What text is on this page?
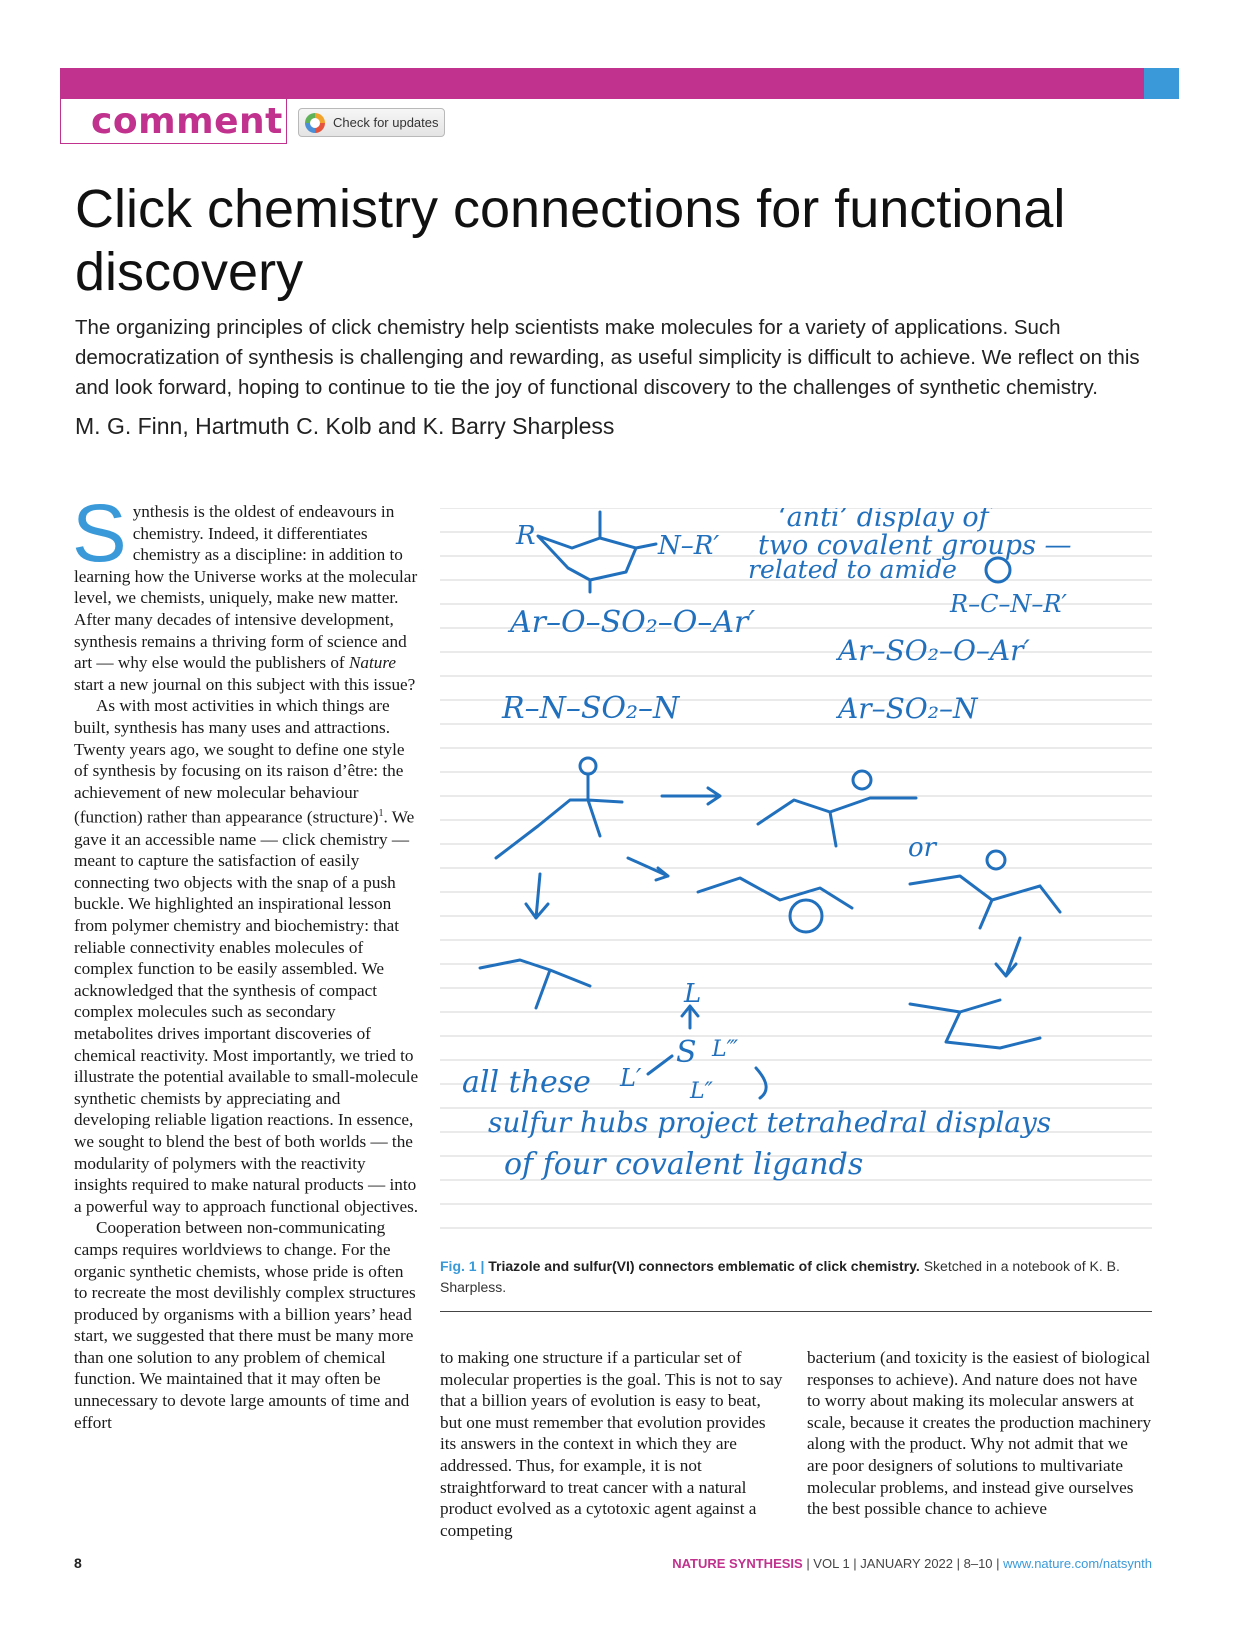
comment	Check for updates
Click chemistry connections for functional discovery
The organizing principles of click chemistry help scientists make molecules for a variety of applications. Such democratization of synthesis is challenging and rewarding, as useful simplicity is difficult to achieve. We reflect on this and look forward, hoping to continue to tie the joy of functional discovery to the challenges of synthetic chemistry.
M. G. Finn, Hartmuth C. Kolb and K. Barry Sharpless

Synthesis is the oldest of endeavours in chemistry. Indeed, it differentiates chemistry as a discipline: in addition to learning how the Universe works at the molecular level, we chemists, uniquely, make new matter. After many decades of intensive development, synthesis remains a thriving form of science and art — why else would the publishers of Nature start a new journal on this subject with this issue?

As with most activities in which things are built, synthesis has many uses and attractions. Twenty years ago, we sought to define one style of synthesis by focusing on its raison d’être: the achievement of new molecular behaviour (function) rather than appearance (structure)$^1$. We gave it an accessible name — click chemistry — meant to capture the satisfaction of easily connecting two objects with the snap of a push buckle. We highlighted an inspirational lesson from polymer chemistry and biochemistry: that reliable connectivity enables molecules of complex function to be easily assembled. We acknowledged that the synthesis of compact complex molecules such as secondary metabolites drives important discoveries of chemical reactivity. Most importantly, we tried to illustrate the potential available to small-molecule synthetic chemists by appreciating and developing reliable ligation reactions. In essence, we sought to blend the best of both worlds — the modularity of polymers with the reactivity insights required to make natural products — into a powerful way to approach functional objectives.

Cooperation between non-communicating camps requires worldviews to change. For the organic synthetic chemists, whose pride is often to recreate the most devilishly complex structures produced by organisms with a billion years’ head start, we suggested that there must be many more than one solution to any problem of chemical function. We maintained that it may often be unnecessary to devote large amounts of time and effort

R	N–R′
‘anti’ display of
two covalent groups —
related to amide
R–C–N–R′
Ar–O–SO₂–O–Ar′
Ar–SO₂–O–Ar′
R–N–SO₂–N	Ar–SO₂–N
or
L
L′
S L‴
L″
all these
sulfur hubs project tetrahedral displays
of four covalent ligands
Fig. 1 | Triazole and sulfur(VI) connectors emblematic of click chemistry. Sketched in a notebook of K. B. Sharpless.

to making one structure if a particular set of molecular properties is the goal. This is not to say that a billion years of evolution is easy to beat, but one must remember that evolution provides its answers in the context in which they are addressed. Thus, for example, it is not straightforward to treat cancer with a natural product evolved as a cytotoxic agent against a competing

bacterium (and toxicity is the easiest of biological responses to achieve). And nature does not have to worry about making its molecular answers at scale, because it creates the production machinery along with the product. Why not admit that we are poor designers of solutions to multivariate molecular problems, and instead give ourselves the best possible chance to achieve

8	NATURE SYNTHESIS | VOL 1 | JANUARY 2022 | 8–10 | www.nature.com/natsynth
